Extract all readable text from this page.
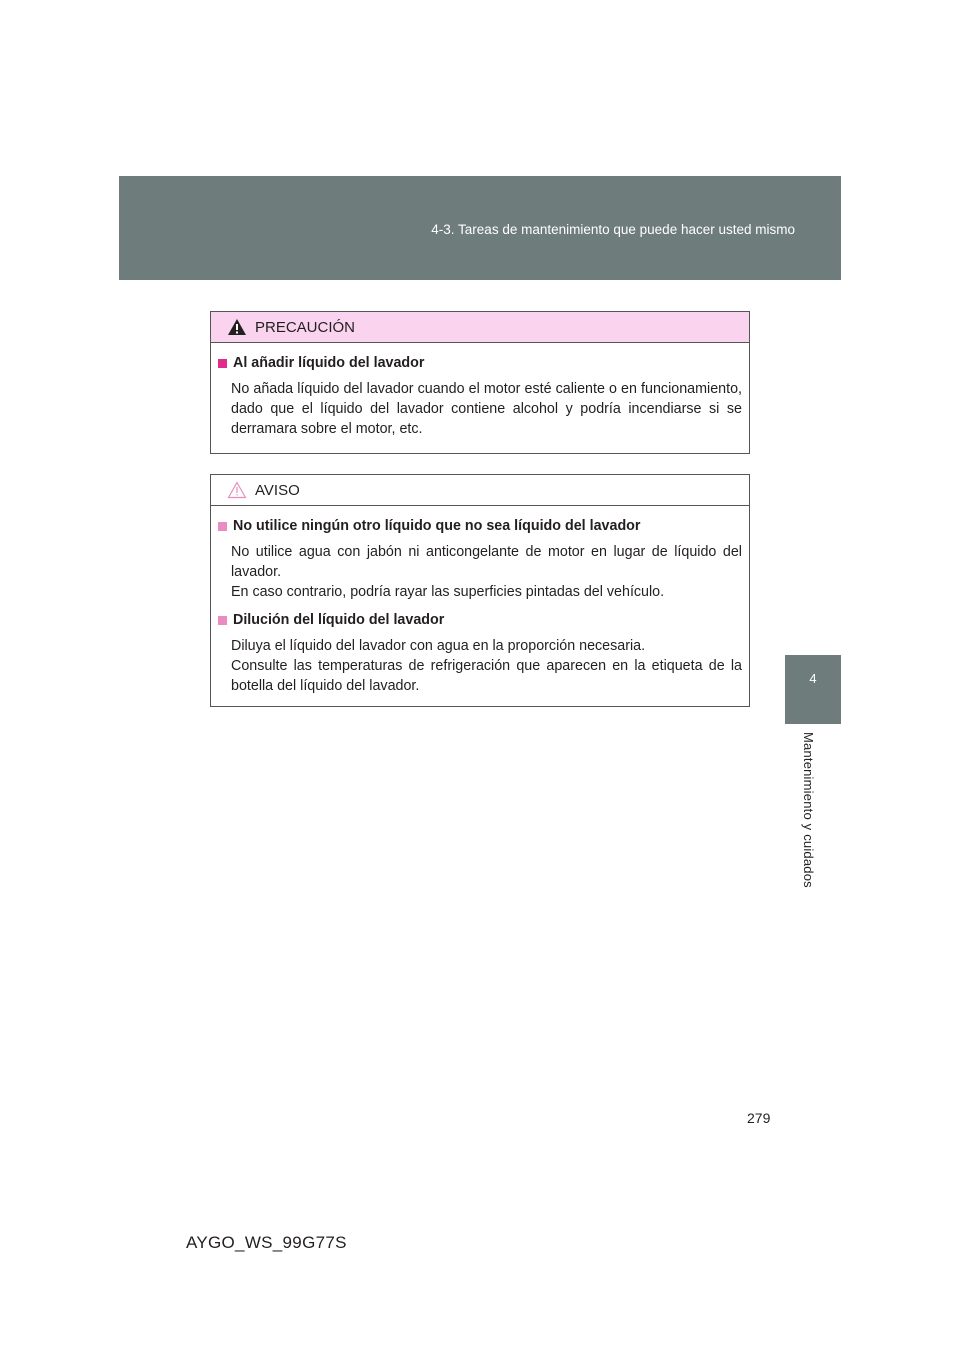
4-3. Tareas de mantenimiento que puede hacer usted mismo
4
Mantenimiento y cuidados
PRECAUCIÓN
Al añadir líquido del lavador
No añada líquido del lavador cuando el motor esté caliente o en funcionamiento, dado que el líquido del lavador contiene alcohol y podría incendiarse si se derramara sobre el motor, etc.
AVISO
No utilice ningún otro líquido que no sea líquido del lavador
No utilice agua con jabón ni anticongelante de motor en lugar de líquido del lavador.
En caso contrario, podría rayar las superficies pintadas del vehículo.
Dilución del líquido del lavador
Diluya el líquido del lavador con agua en la proporción necesaria.
Consulte las temperaturas de refrigeración que aparecen en la etiqueta de la botella del líquido del lavador.
279
AYGO_WS_99G77S
